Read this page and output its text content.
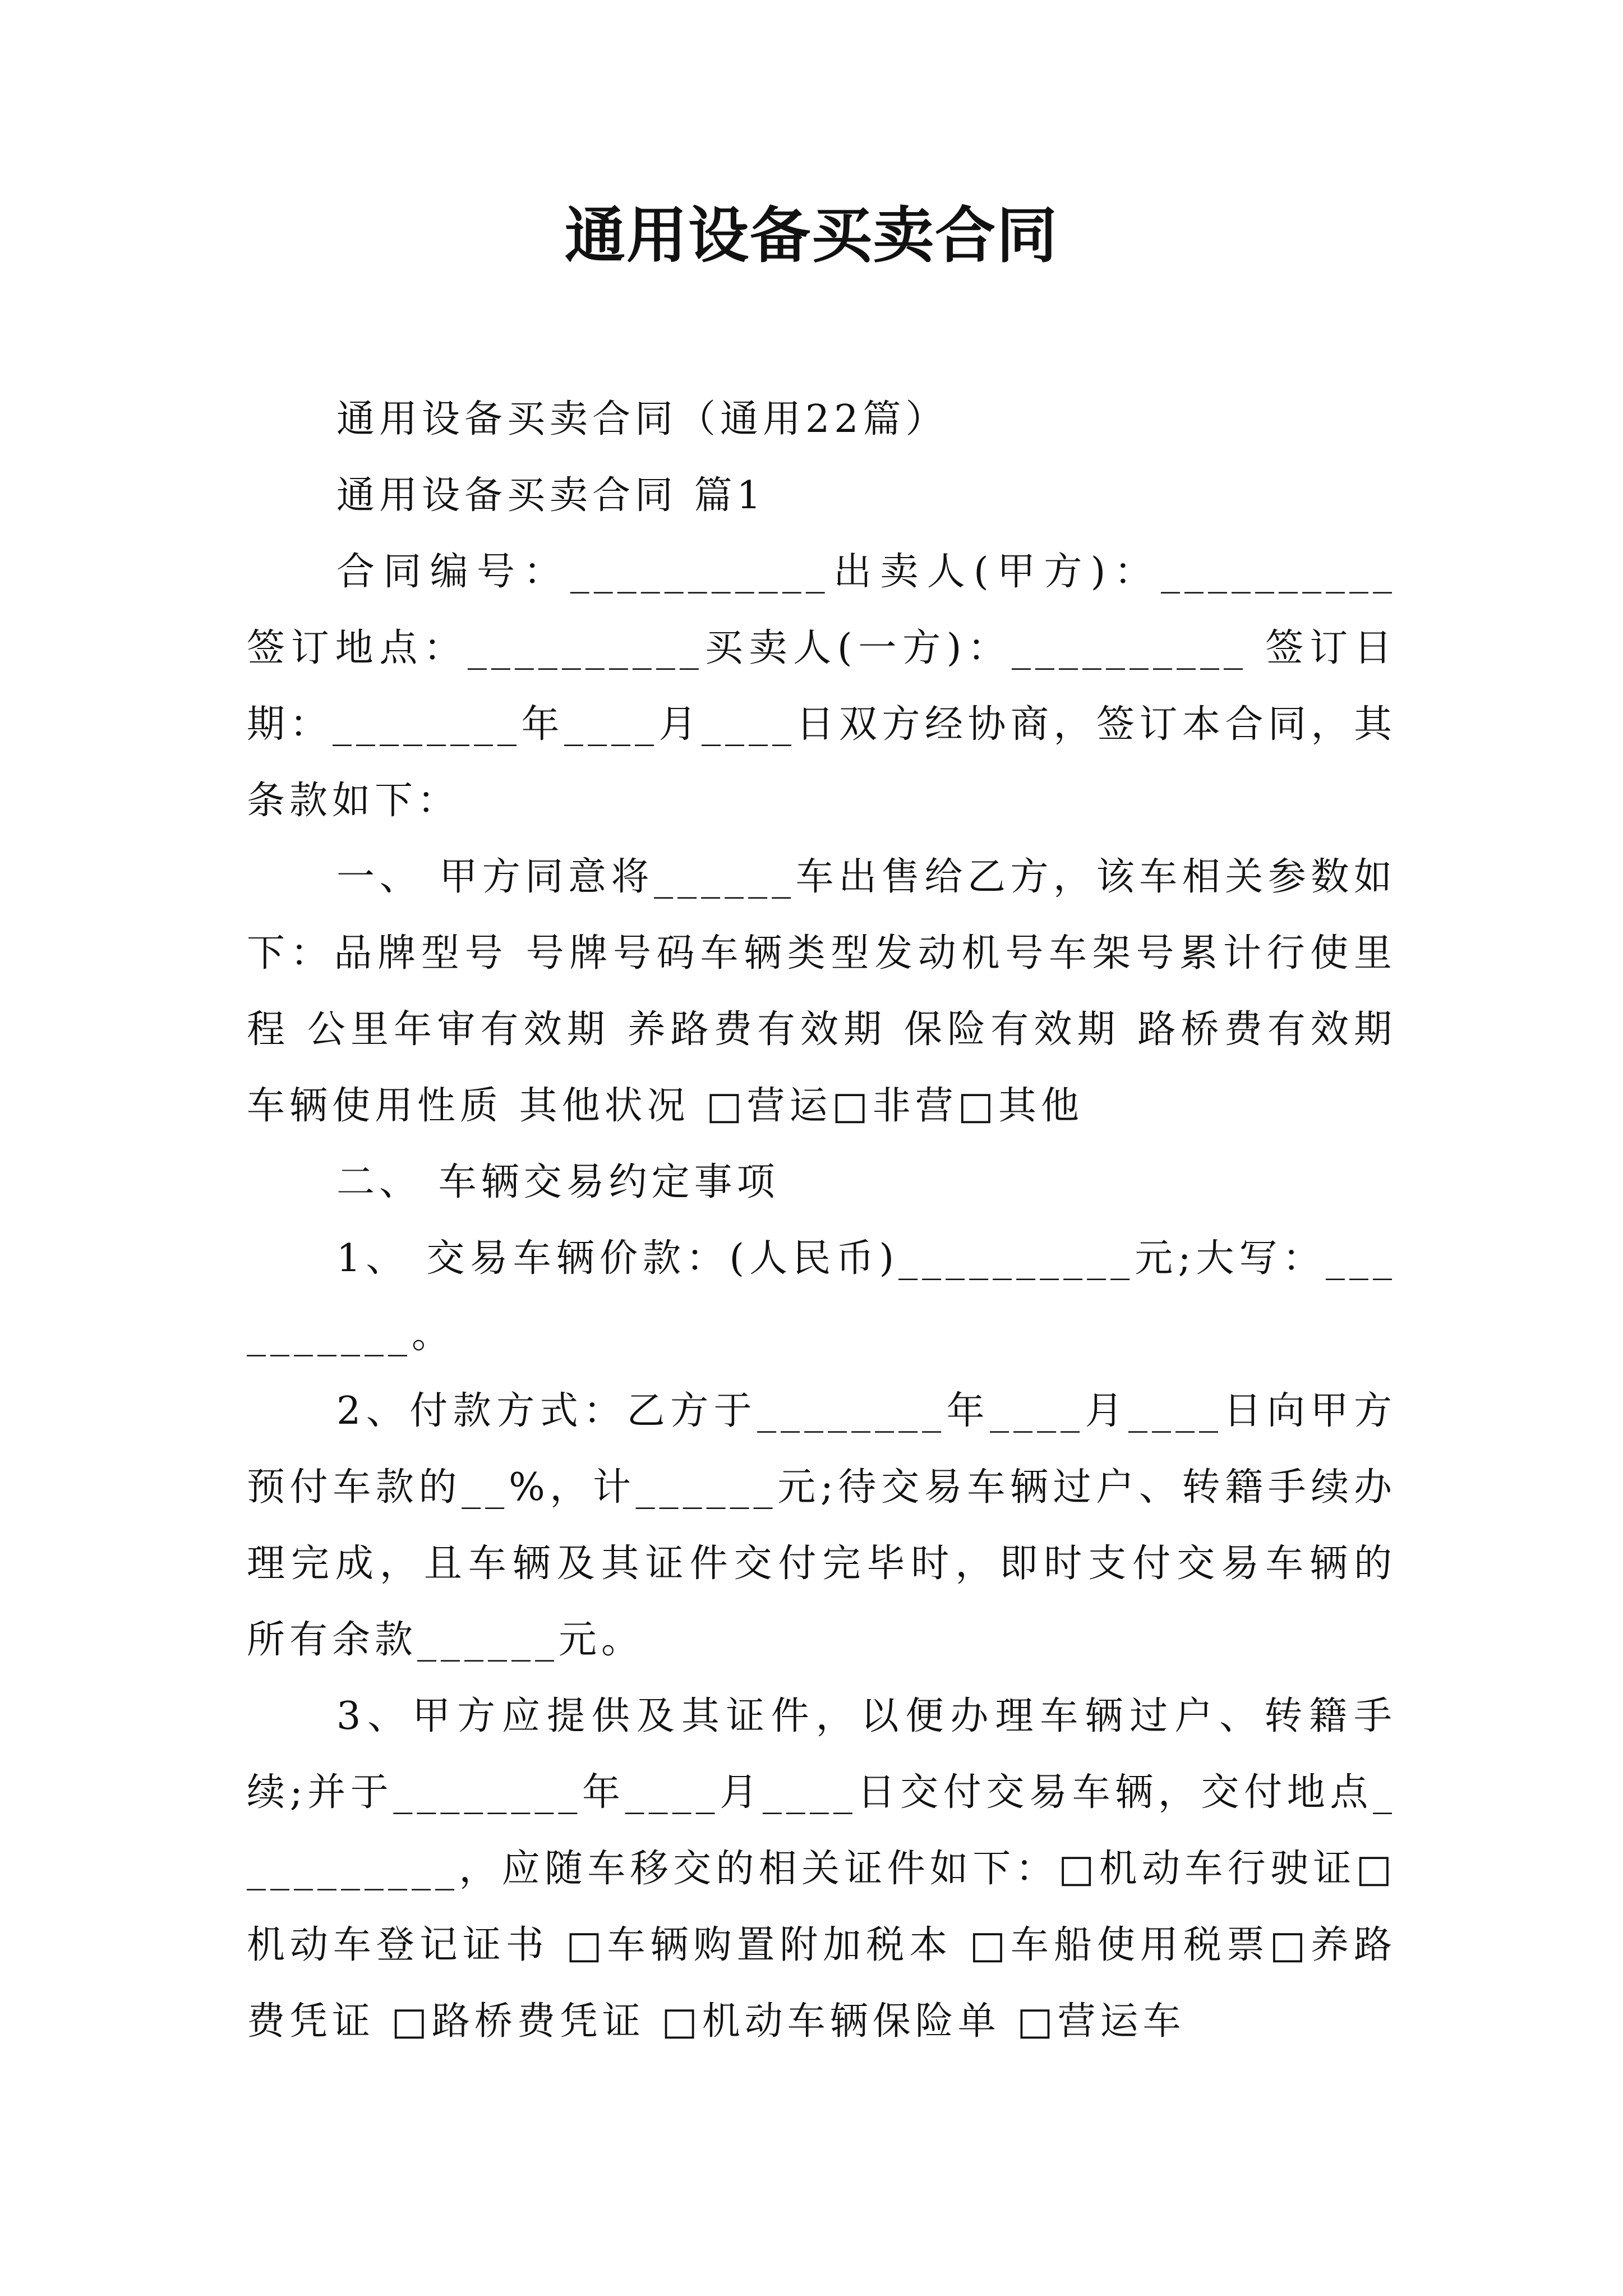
通用设备买卖合同

通用设备买卖合同（通用22篇）

通用设备买卖合同 篇1

合同编号：___________出卖人(甲方)：__________ 签订地点：__________买卖人(一方)：__________ 签订日期：________年____月____日双方经协商，签订本合同，其条款如下：

一、 甲方同意将______车出售给乙方，该车相关参数如下：品牌型号 号牌号码车辆类型发动机号车架号累计行使里程 公里年审有效期 养路费有效期 保险有效期 路桥费有效期 车辆使用性质 其他状况 □营运□非营□其他

二、 车辆交易约定事项

1、 交易车辆价款：(人民币)__________元;大写：__________。

2、付款方式：乙方于________年____月____日向甲方预付车款的__%，计______元;待交易车辆过户、转籍手续办理完成，且车辆及其证件交付完毕时，即时支付交易车辆的所有余款______元。

3、甲方应提供及其证件，以便办理车辆过户、转籍手续;并于________年____月____日交付交易车辆，交付地点__________，应随车移交的相关证件如下：□机动车行驶证□机动车登记证书 □车辆购置附加税本 □车船使用税票□养路费凭证 □路桥费凭证 □机动车辆保险单 □营运车
